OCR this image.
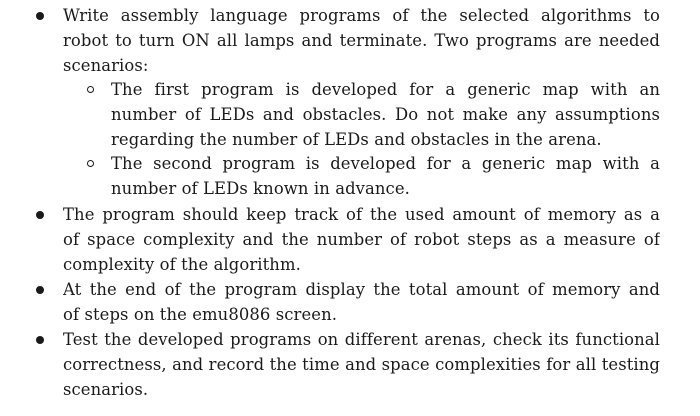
Write assembly language programs of the selected algorithms to
robot to turn ON all lamps and terminate. Two programs are needed
scenarios:
The first program is developed for a generic map with an
number of LEDs and obstacles. Do not make any assumptions
regarding the number of LEDs and obstacles in the arena.
The second program is developed for a generic map with a
number of LEDs known in advance.
The program should keep track of the used amount of memory as a
of space complexity and the number of robot steps as a measure of
complexity of the algorithm.
At the end of the program display the total amount of memory and
of steps on the emu8086 screen.
Test the developed programs on different arenas, check its functional
correctness, and record the time and space complexities for all testing
scenarios.
